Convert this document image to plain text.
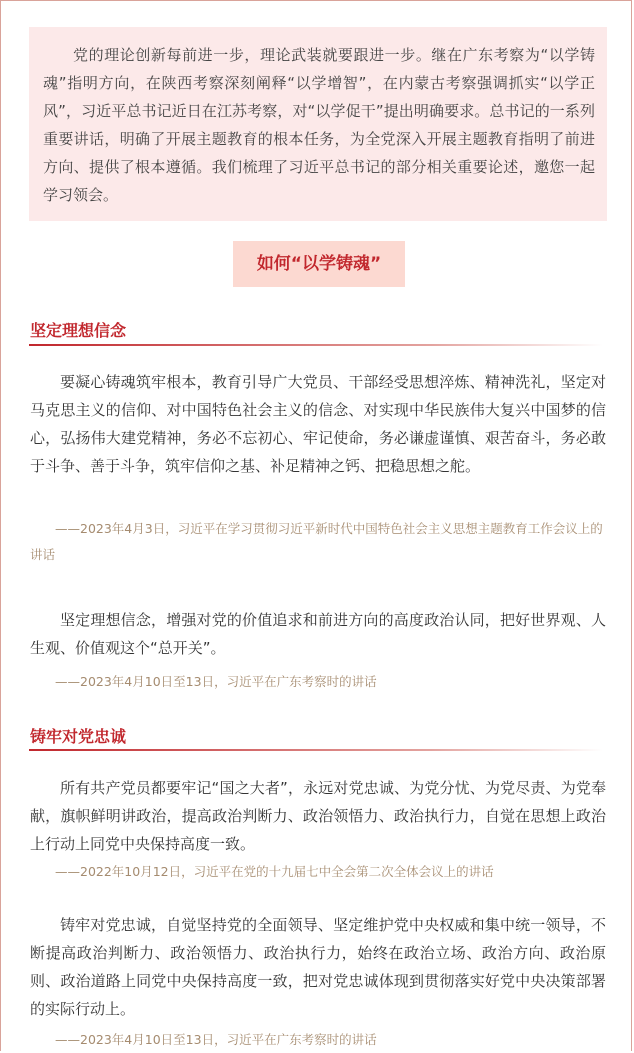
党的理论创新每前进一步，理论武装就要跟进一步。继在广东考察为“以学铸魂”指明方向，在陕西考察深刻阐释“以学增智”，在内蒙古考察强调抓实“以学正风”，习近平总书记近日在江苏考察，对“以学促干”提出明确要求。总书记的一系列重要讲话，明确了开展主题教育的根本任务，为全党深入开展主题教育指明了前进方向、提供了根本遵循。我们梳理了习近平总书记的部分相关重要论述，邀您一起学习领会。

如何“以学铸魂”
坚定理想信念

要凝心铸魂筑牢根本，教育引导广大党员、干部经受思想淬炼、精神洗礼，坚定对马克思主义的信仰、对中国特色社会主义的信念、对实现中华民族伟大复兴中国梦的信心，弘扬伟大建党精神，务必不忘初心、牢记使命，务必谦虚谨慎、艰苦奋斗，务必敢于斗争、善于斗争，筑牢信仰之基、补足精神之钙、把稳思想之舵。

——2023年4月3日，习近平在学习贯彻习近平新时代中国特色社会主义思想主题教育工作会议上的讲话

坚定理想信念，增强对党的价值追求和前进方向的高度政治认同，把好世界观、人生观、价值观这个“总开关”。

——2023年4月10日至13日，习近平在广东考察时的讲话

铸牢对党忠诚

所有共产党员都要牢记“国之大者”，永远对党忠诚、为党分忧、为党尽责、为党奉献，旗帜鲜明讲政治，提高政治判断力、政治领悟力、政治执行力，自觉在思想上政治上行动上同党中央保持高度一致。

——2022年10月12日，习近平在党的十九届七中全会第二次全体会议上的讲话

铸牢对党忠诚，自觉坚持党的全面领导、坚定维护党中央权威和集中统一领导，不断提高政治判断力、政治领悟力、政治执行力，始终在政治立场、政治方向、政治原则、政治道路上同党中央保持高度一致，把对党忠诚体现到贯彻落实好党中央决策部署的实际行动上。

——2023年4月10日至13日，习近平在广东考察时的讲话
